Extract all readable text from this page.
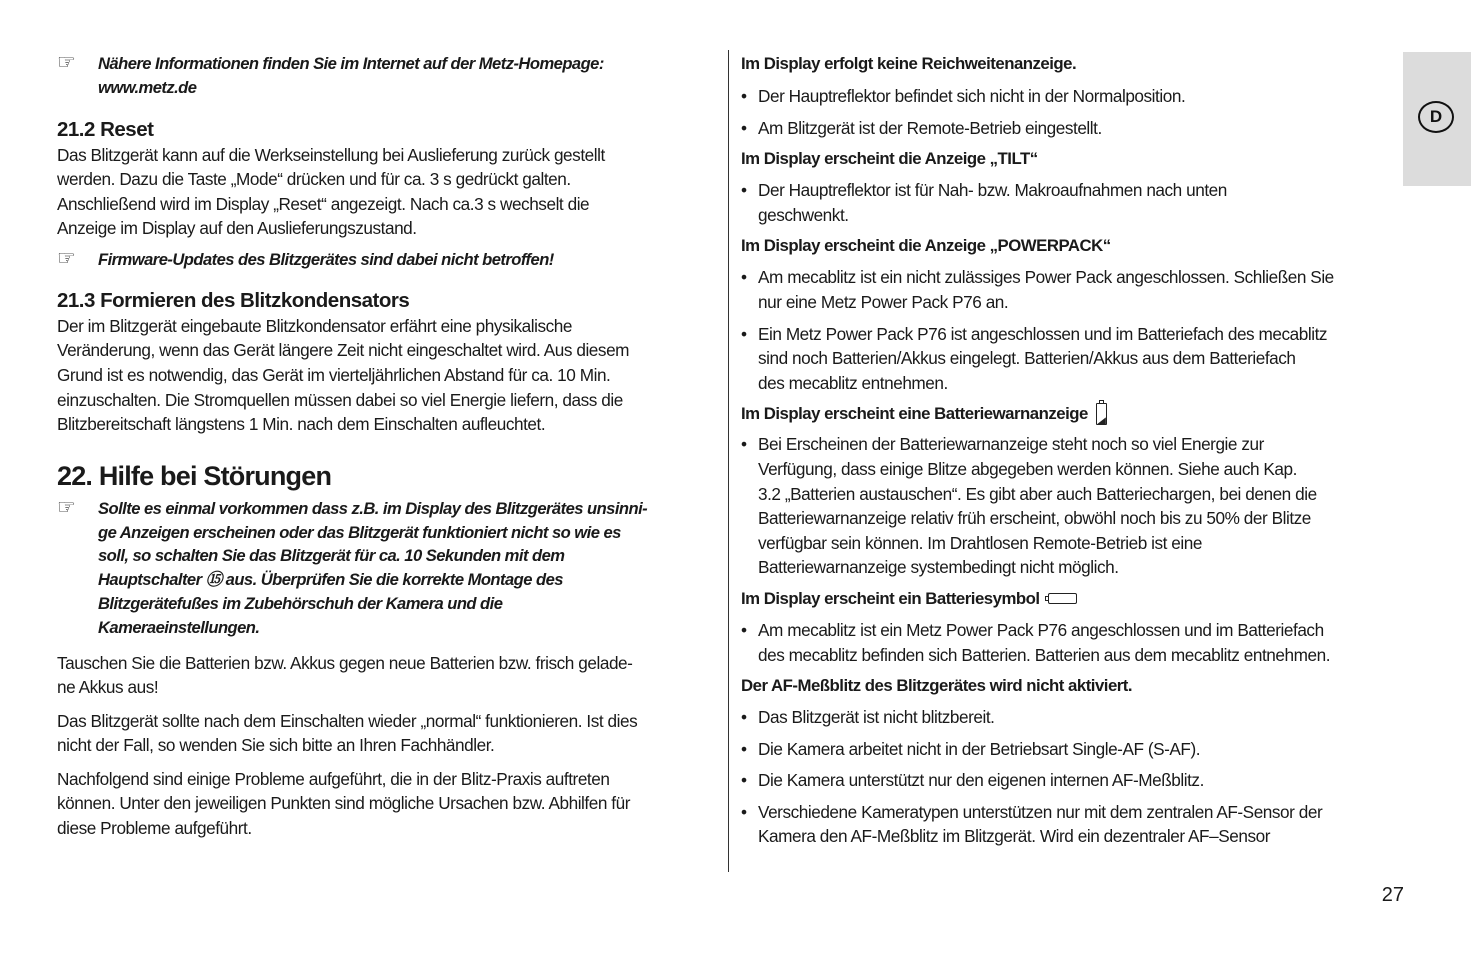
D
☞	Nähere Informationen finden Sie im Internet auf der Metz-Homepage:
www.metz.de
21.2 Reset

Das Blitzgerät kann auf die Werkseinstellung bei Auslieferung zurück gestellt
werden. Dazu die Taste „Mode“ drücken und für ca. 3 s gedrückt galten.
Anschließend wird im Display „Reset“ angezeigt. Nach ca.3 s wechselt die
Anzeige im Display auf den Auslieferungszustand.

☞	Firmware-Updates des Blitzgerätes sind dabei nicht betroffen!
21.3 Formieren des Blitzkondensators

Der im Blitzgerät eingebaute Blitzkondensator erfährt eine physikalische
Veränderung, wenn das Gerät längere Zeit nicht eingeschaltet wird. Aus diesem
Grund ist es notwendig, das Gerät im vierteljährlichen Abstand für ca. 10 Min.
einzuschalten. Die Stromquellen müssen dabei so viel Energie liefern, dass die
Blitzbereitschaft längstens 1 Min. nach dem Einschalten aufleuchtet.

22. Hilfe bei Störungen
☞	Sollte es einmal vorkommen dass z.B. im Display des Blitzgerätes unsinni-
ge Anzeigen erscheinen oder das Blitzgerät funktioniert nicht so wie es
soll, so schalten Sie das Blitzgerät für ca. 10 Sekunden mit dem
Hauptschalter ⑮ aus. Überprüfen Sie die korrekte Montage des
Blitzgerätefußes im Zubehörschuh der Kamera und die
Kameraeinstellungen.

Tauschen Sie die Batterien bzw. Akkus gegen neue Batterien bzw. frisch gelade-
ne Akkus aus!

Das Blitzgerät sollte nach dem Einschalten wieder „normal“ funktionieren. Ist dies
nicht der Fall, so wenden Sie sich bitte an Ihren Fachhändler.

Nachfolgend sind einige Probleme aufgeführt, die in der Blitz-Praxis auftreten
können. Unter den jeweiligen Punkten sind mögliche Ursachen bzw. Abhilfen für
diese Probleme aufgeführt.

Im Display erfolgt keine Reichweitenanzeige.
• Der Hauptreflektor befindet sich nicht in der Normalposition.
• Am Blitzgerät ist der Remote-Betrieb eingestellt.
Im Display erscheint die Anzeige „TILT“
• Der Hauptreflektor ist für Nah- bzw. Makroaufnahmen nach unten
geschwenkt.
Im Display erscheint die Anzeige „POWERPACK“
• Am mecablitz ist ein nicht zulässiges Power Pack angeschlossen. Schließen Sie
nur eine Metz Power Pack P76 an.
• Ein Metz Power Pack P76 ist angeschlossen und im Batteriefach des mecablitz
sind noch Batterien/Akkus eingelegt. Batterien/Akkus aus dem Batteriefach
des mecablitz entnehmen.
Im Display erscheint eine Batteriewarnanzeige
• Bei Erscheinen der Batteriewarnanzeige steht noch so viel Energie zur
Verfügung, dass einige Blitze abgegeben werden können. Siehe auch Kap.
3.2 „Batterien austauschen“. Es gibt aber auch Batteriechargen, bei denen die
Batteriewarnanzeige relativ früh erscheint, obwöhl noch bis zu 50% der Blitze
verfügbar sein können. Im Drahtlosen Remote-Betrieb ist eine
Batteriewarnanzeige systembedingt nicht möglich.
Im Display erscheint ein Batteriesymbol
• Am mecablitz ist ein Metz Power Pack P76 angeschlossen und im Batteriefach
des mecablitz befinden sich Batterien. Batterien aus dem mecablitz entnehmen.
Der AF-Meßblitz des Blitzgerätes wird nicht aktiviert.
• Das Blitzgerät ist nicht blitzbereit.
• Die Kamera arbeitet nicht in der Betriebsart Single-AF (S-AF).
• Die Kamera unterstützt nur den eigenen internen AF-Meßblitz.
• Verschiedene Kameratypen unterstützen nur mit dem zentralen AF-Sensor der
Kamera den AF-Meßblitz im Blitzgerät. Wird ein dezentraler AF–Sensor
27
